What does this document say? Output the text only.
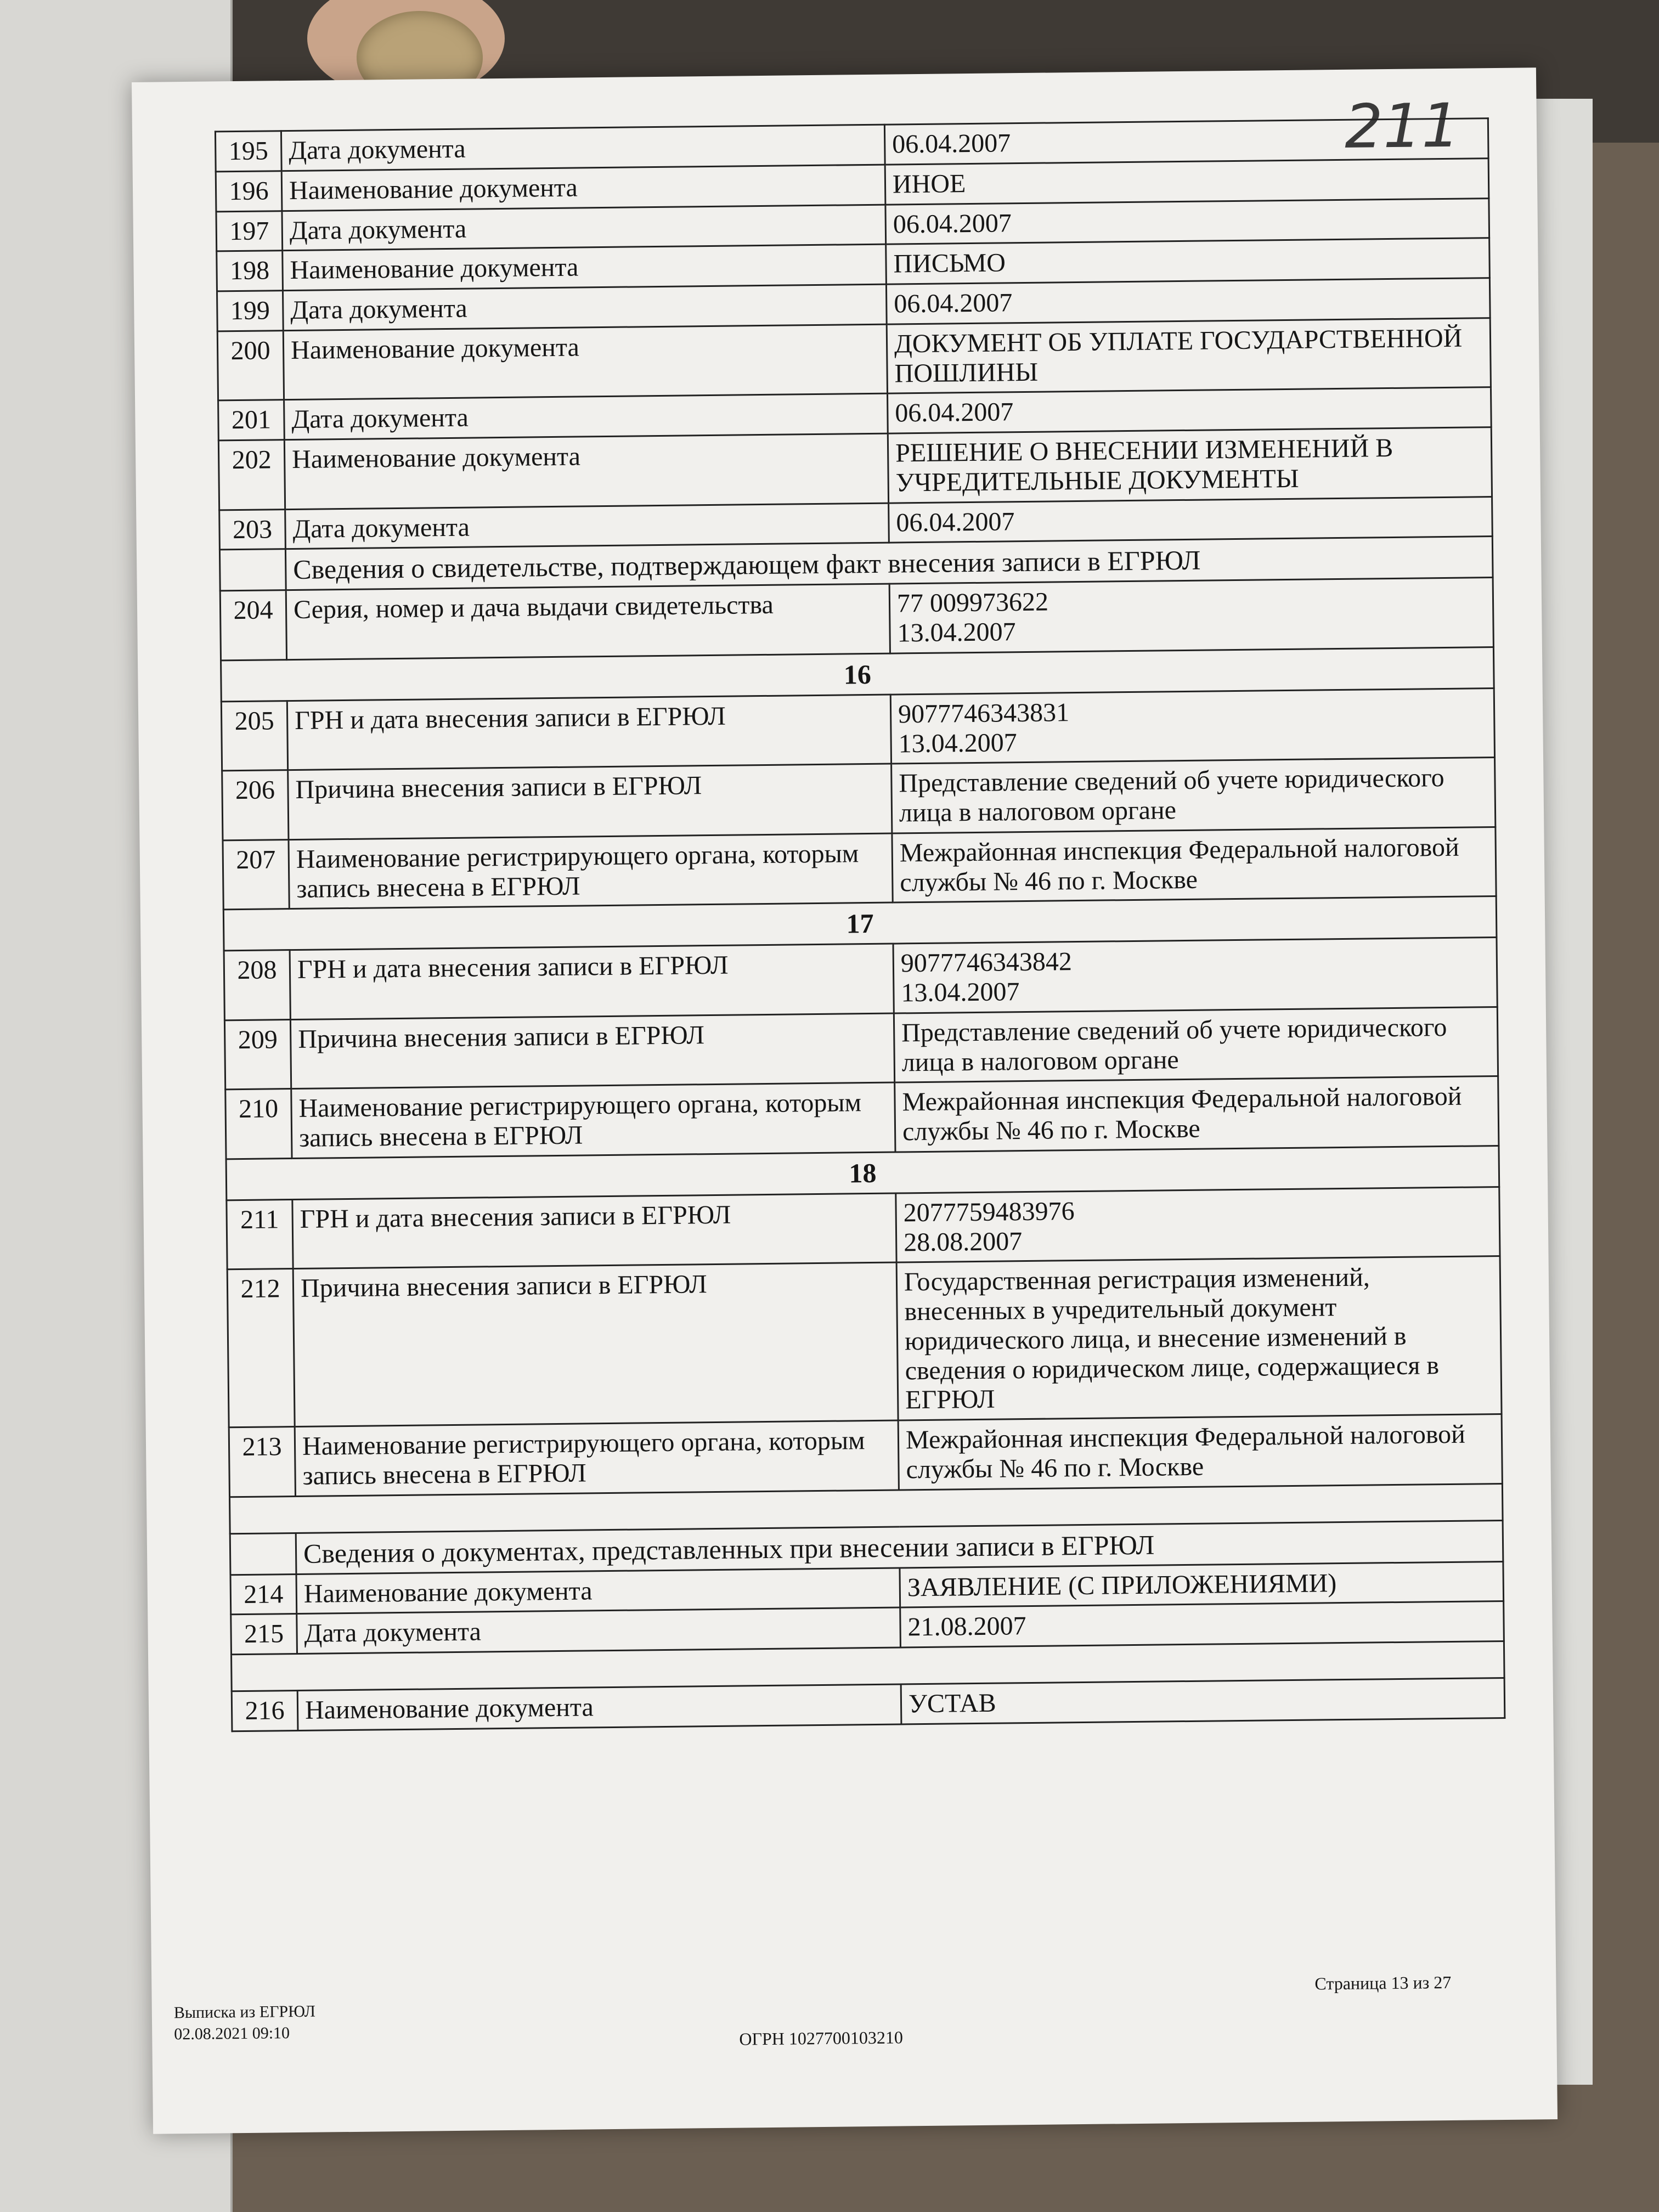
211
195	Дата документа	06.04.2007
196	Наименование документа	ИНОЕ
197	Дата документа	06.04.2007
198	Наименование документа	ПИСЬМО
199	Дата документа	06.04.2007
200	Наименование документа	ДОКУМЕНТ ОБ УПЛАТЕ ГОСУДАРСТВЕННОЙ ПОШЛИНЫ
201	Дата документа	06.04.2007
202	Наименование документа	РЕШЕНИЕ О ВНЕСЕНИИ ИЗМЕНЕНИЙ В УЧРЕДИТЕЛЬНЫЕ ДОКУМЕНТЫ
203	Дата документа	06.04.2007
	Сведения о свидетельстве, подтверждающем факт внесения записи в ЕГРЮЛ	
204	Серия, номер и дача выдачи свидетельства	77 009973622
13.04.2007
16		
205	ГРН и дата внесения записи в ЕГРЮЛ	9077746343831
13.04.2007
206	Причина внесения записи в ЕГРЮЛ	Представление сведений об учете юридического лица в налоговом органе
207	Наименование регистрирующего органа, которым запись внесена в ЕГРЮЛ	Межрайонная инспекция Федеральной налоговой службы № 46 по г. Москве
17		
208	ГРН и дата внесения записи в ЕГРЮЛ	9077746343842
13.04.2007
209	Причина внесения записи в ЕГРЮЛ	Представление сведений об учете юридического лица в налоговом органе
210	Наименование регистрирующего органа, которым запись внесена в ЕГРЮЛ	Межрайонная инспекция Федеральной налоговой службы № 46 по г. Москве
18		
211	ГРН и дата внесения записи в ЕГРЮЛ	2077759483976
28.08.2007
212	Причина внесения записи в ЕГРЮЛ	Государственная регистрация изменений, внесенных в учредительный документ юридического лица, и внесение изменений в сведения о юридическом лице, содержащиеся в ЕГРЮЛ
213	Наименование регистрирующего органа, которым запись внесена в ЕГРЮЛ	Межрайонная инспекция Федеральной налоговой службы № 46 по г. Москве

	Сведения о документах, представленных при внесении записи в ЕГРЮЛ	
214	Наименование документа	ЗАЯВЛЕНИЕ (С ПРИЛОЖЕНИЯМИ)
215	Дата документа	21.08.2007

216	Наименование документа	УСТАВ
Выписка из ЕГРЮЛ
02.08.2021 09:10	ОГРН 1027700103210
Страница 13 из 27
